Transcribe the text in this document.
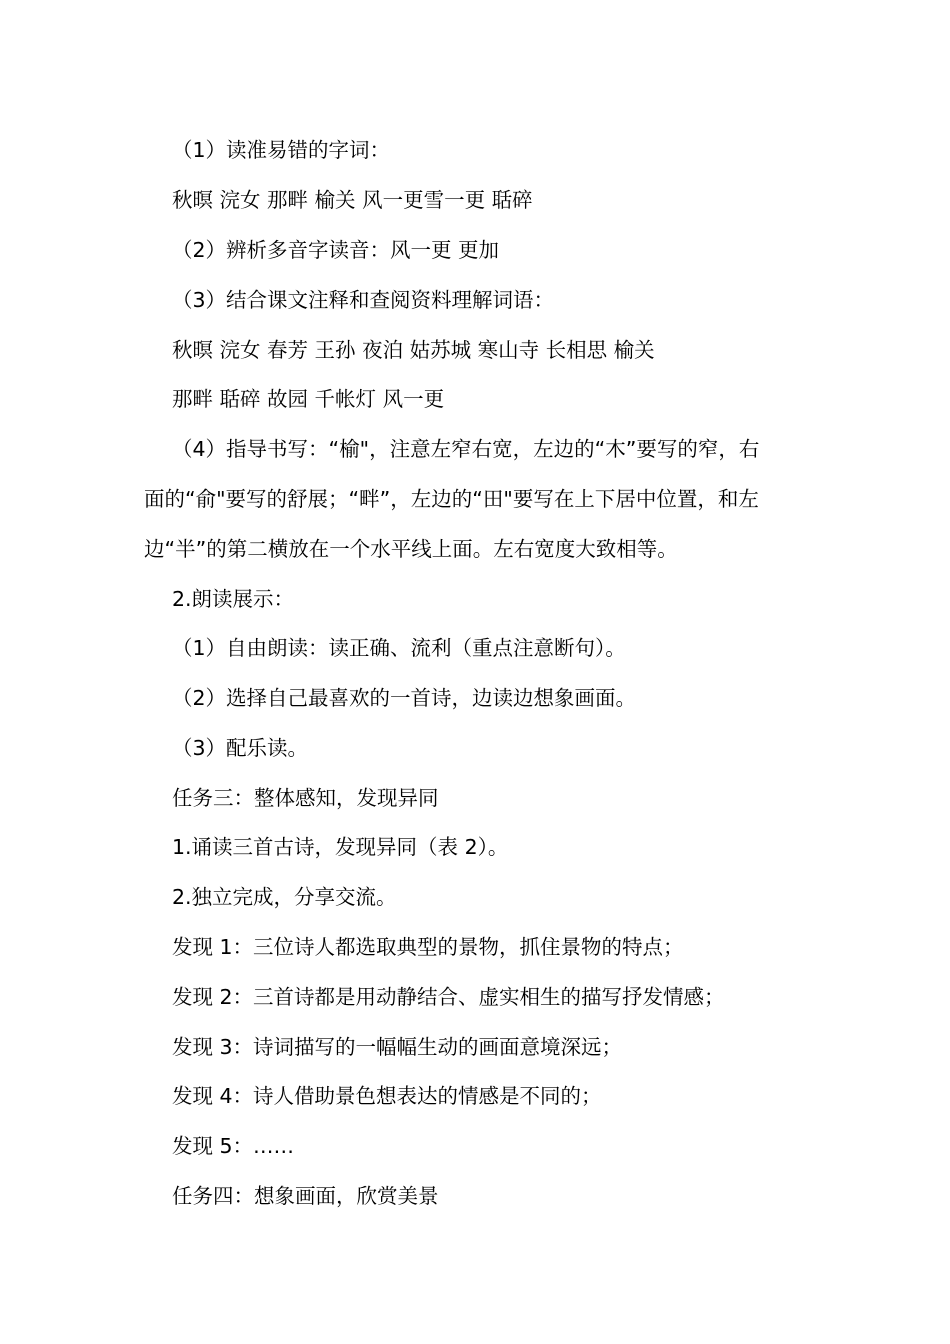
（1）读准易错的字词：
秋暝 浣女 那畔 榆关 风一更雪一更 聒碎
（2）辨析多音字读音：风一更 更加
（3）结合课文注释和查阅资料理解词语：
秋暝 浣女 春芳 王孙 夜泊 姑苏城 寒山寺 长相思 榆关
那畔 聒碎 故园 千帐灯 风一更
（4）指导书写：“榆"，注意左窄右宽，左边的“木”要写的窄，右
面的“俞"要写的舒展；“畔”，左边的“田"要写在上下居中位置，和左
边“半”的第二横放在一个水平线上面。左右宽度大致相等。
2.朗读展示：
（1）自由朗读：读正确、流利（重点注意断句）。
（2）选择自己最喜欢的一首诗，边读边想象画面。
（3）配乐读。
任务三：整体感知，发现异同
1.诵读三首古诗，发现异同（表 2）。
2.独立完成，分享交流。
发现 1：三位诗人都选取典型的景物，抓住景物的特点；
发现 2：三首诗都是用动静结合、虚实相生的描写抒发情感；
发现 3：诗词描写的一幅幅生动的画面意境深远；
发现 4：诗人借助景色想表达的情感是不同的；
发现 5：……
任务四：想象画面，欣赏美景
